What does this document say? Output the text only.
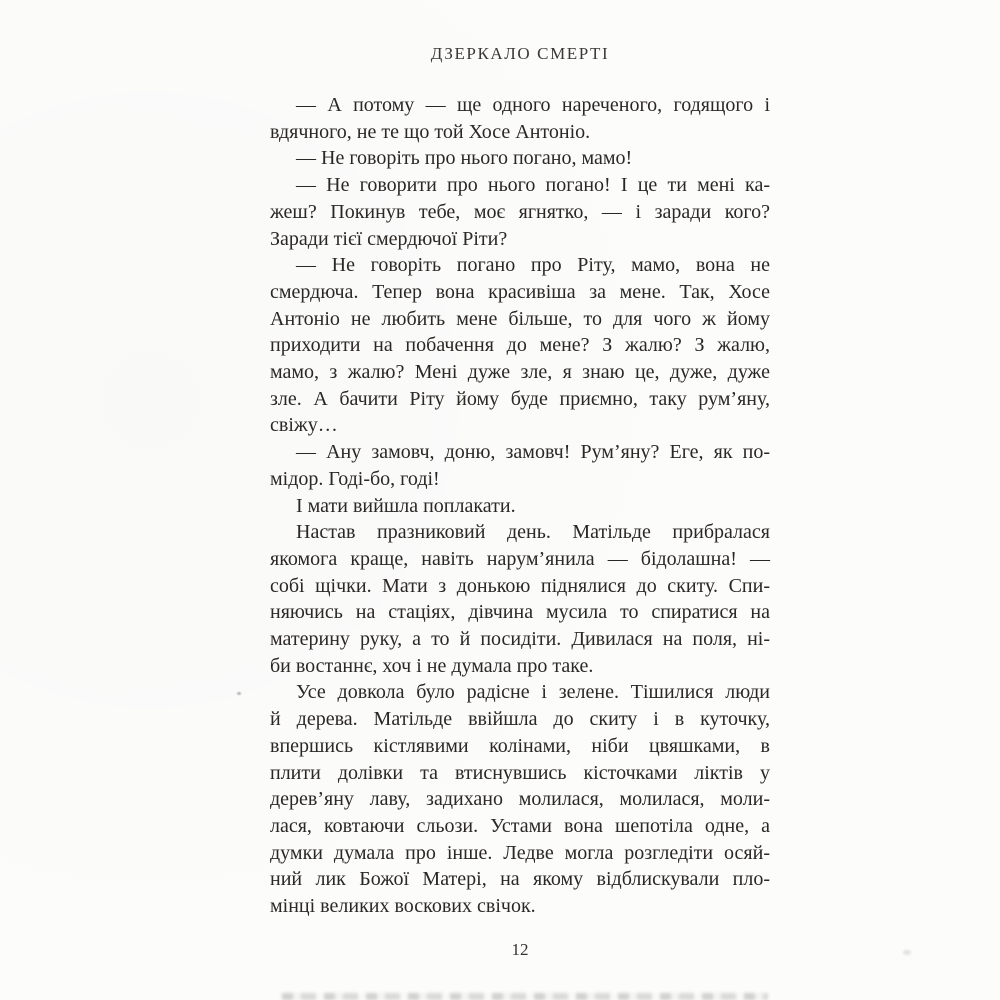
ДЗЕРКАЛО СМЕРТІ
— А потому — ще одного нареченого, годящого і
вдячного, не те що той Хосе Антоніо.
— Не говоріть про нього погано, мамо!
— Не говорити про нього погано! І це ти мені ка-
жеш? Покинув тебе, моє ягнятко, — і заради кого?
Заради тієї смердючої Ріти?
— Не говоріть погано про Ріту, мамо, вона не
смердюча. Тепер вона красивіша за мене. Так, Хосе
Антоніо не любить мене більше, то для чого ж йому
приходити на побачення до мене? З жалю? З жалю,
мамо, з жалю? Мені дуже зле, я знаю це, дуже, дуже
зле. А бачити Ріту йому буде приємно, таку рум’яну,
свіжу…
— Ану замовч, доню, замовч! Рум’яну? Еге, як по-
мідор. Годі-бо, годі!
І мати вийшла поплакати.
Настав празниковий день. Матільде прибралася
якомога краще, навіть нарум’янила — бідолашна! —
собі щічки. Мати з донькою піднялися до скиту. Спи-
няючись на стаціях, дівчина мусила то спиратися на
материну руку, а то й посидіти. Дивилася на поля, ні-
би востаннє, хоч і не думала про таке.
Усе довкола було радісне і зелене. Тішилися люди
й дерева. Матільде ввійшла до скиту і в куточку,
впершись кістлявими колінами, ніби цвяшками, в
плити долівки та втиснувшись кісточками ліктів у
дерев’яну лаву, задихано молилася, молилася, моли-
лася, ковтаючи сльози. Устами вона шепотіла одне, а
думки думала про інше. Ледве могла розгледіти осяй-
ний лик Божої Матері, на якому відблискували пло-
мінці великих воскових свічок.
12
